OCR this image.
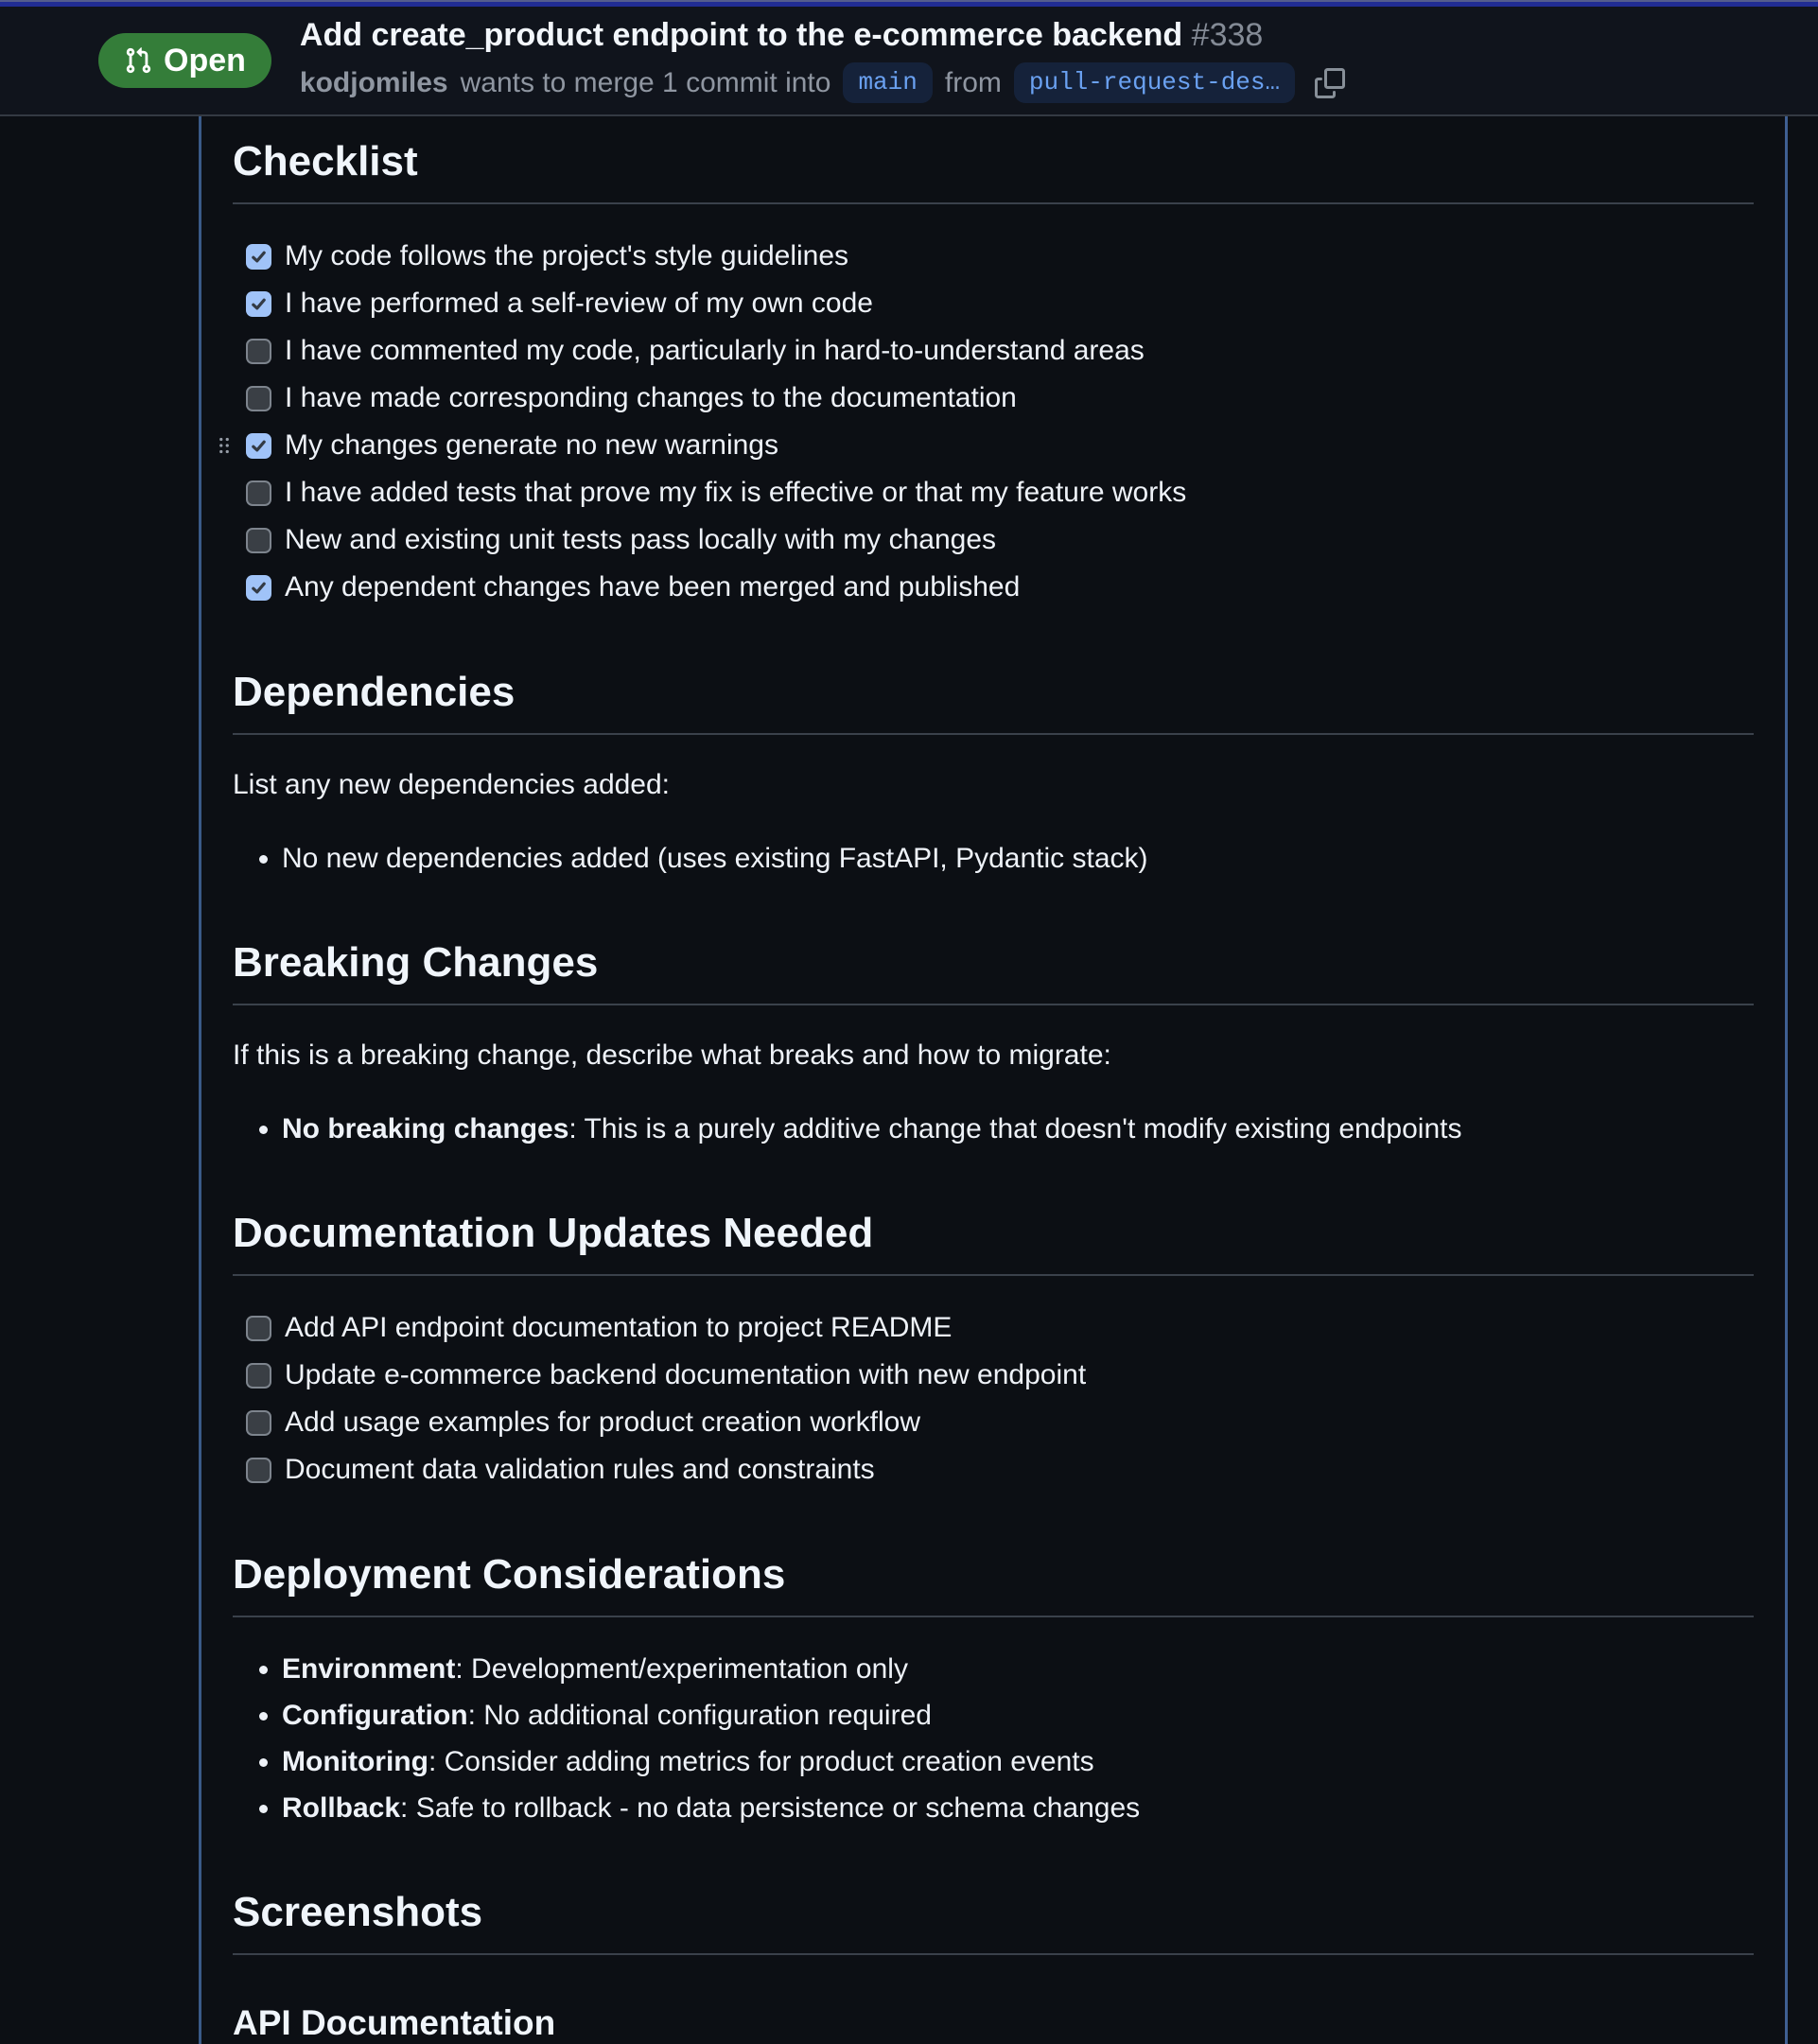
Open
Add create_product endpoint to the e-commerce backend #338
kodjomiles wants to merge 1 commit into	main from	pull-request-des…
Checklist
My code follows the project's style guidelines
I have performed a self-review of my own code
I have commented my code, particularly in hard-to-understand areas
I have made corresponding changes to the documentation
My changes generate no new warnings
I have added tests that prove my fix is effective or that my feature works
New and existing unit tests pass locally with my changes
Any dependent changes have been merged and published
Dependencies

List any new dependencies added:

• No new dependencies added (uses existing FastAPI, Pydantic stack)
Breaking Changes

If this is a breaking change, describe what breaks and how to migrate:

• No breaking changes: This is a purely additive change that doesn't modify existing endpoints
Documentation Updates Needed
Add API endpoint documentation to project README
Update e-commerce backend documentation with new endpoint
Add usage examples for product creation workflow
Document data validation rules and constraints
Deployment Considerations
• Environment: Development/experimentation only
• Configuration: No additional configuration required
• Monitoring: Consider adding metrics for product creation events
• Rollback: Safe to rollback - no data persistence or schema changes
Screenshots
API Documentation
